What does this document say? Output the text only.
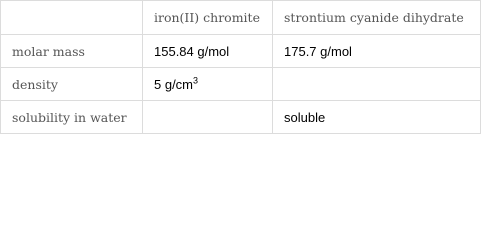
	iron(II) chromite	strontium cyanide dihydrate
molar mass	155.84 g/mol	175.7 g/mol
density	5 $g/cm^3$	
solubility in water		soluble
